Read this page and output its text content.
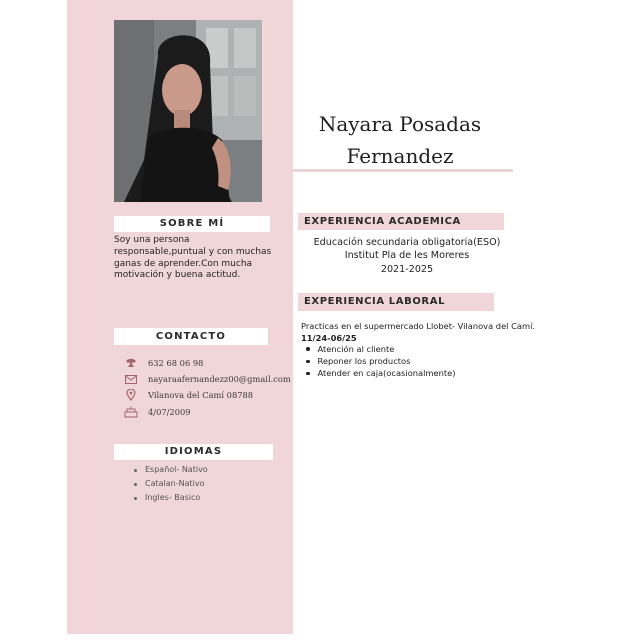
SOBRE MÍ
Soy una persona responsable,puntual y con muchas ganas de aprender.Con mucha motivación y buena actitud.
CONTACTO
632 68 06 98
nayaraafernandezz00@gmail.com
Vilanova del Camí 08788
4/07/2009
IDIOMAS
Español- Nativo
Catalan-Nativo
Ingles- Basico
Nayara Posadas
Fernandez
EXPERIENCIA ACADEMICA
Educación secundaria obligatoria(ESO)
Institut Pla de les Moreres
2021-2025
EXPERIENCIA LABORAL
Practicas en el supermercado Llobet- Vilanova del Camí.
11/24-06/25
Atención al cliente
Reponer los productos
Atender en caja(ocasionalmente)
